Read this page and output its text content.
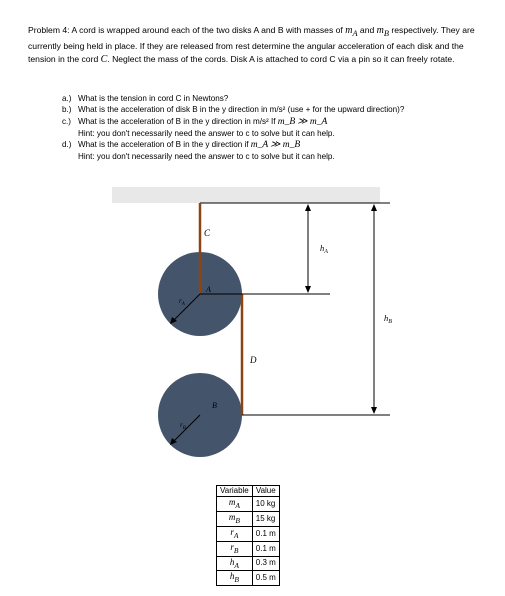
Problem 4: A cord is wrapped around each of the two disks A and B with masses of $m_A$ and $m_B$ respectively. They are currently being held in place. If they are released from rest determine the angular acceleration of each disk and the tension in the cord C. Neglect the mass of the cords. Disk A is attached to cord C via a pin so it can freely rotate.
a.) What is the tension in cord C in Newtons?
b.) What is the acceleration of disk B in the y direction in m/s² (use + for the upward direction)?
c.) What is the acceleration of B in the y direction in m/s² If m_B ≫ m_A
Hint: you don't necessarily need the answer to c to solve but it can help.
d.) What is the acceleration of B in the y direction if m_A ≫ m_B
Hint: you don't necessarily need the answer to c to solve but it can help.
C
A
D
B
$r_A$
$r_B$
$h_A$
$h_B$
Variable	Value
$m_A$	10 kg
$m_B$	15 kg
$r_A$	0.1 m
$r_B$	0.1 m
$h_A$	0.3 m
$h_B$	0.5 m
